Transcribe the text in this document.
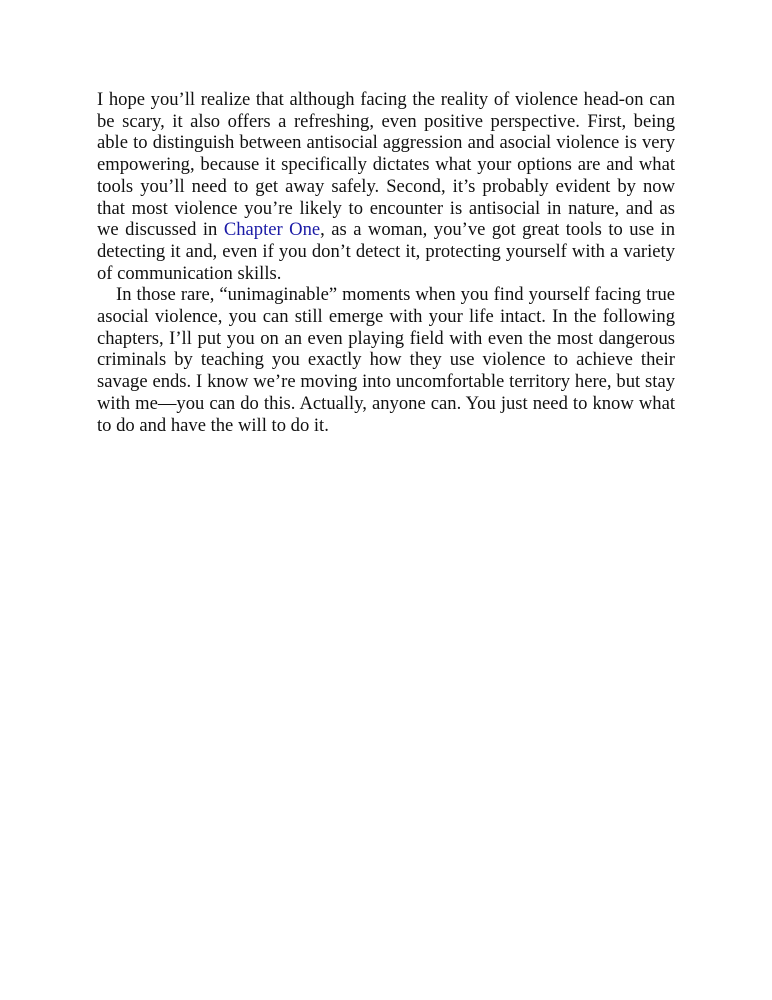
I hope you’ll realize that although facing the reality of violence head-on can be scary, it also offers a refreshing, even positive perspective. First, being able to distinguish between antisocial aggression and asocial violence is very empowering, because it specifically dictates what your options are and what tools you’ll need to get away safely. Second, it’s probably evident by now that most violence you’re likely to encounter is antisocial in nature, and as we discussed in Chapter One, as a woman, you’ve got great tools to use in detecting it and, even if you don’t detect it, protecting yourself with a variety of communication skills.

In those rare, “unimaginable” moments when you find yourself facing true asocial violence, you can still emerge with your life intact. In the following chapters, I’ll put you on an even playing field with even the most dangerous criminals by teaching you exactly how they use violence to achieve their savage ends. I know we’re moving into uncomfortable territory here, but stay with me—you can do this. Actually, anyone can. You just need to know what to do and have the will to do it.
